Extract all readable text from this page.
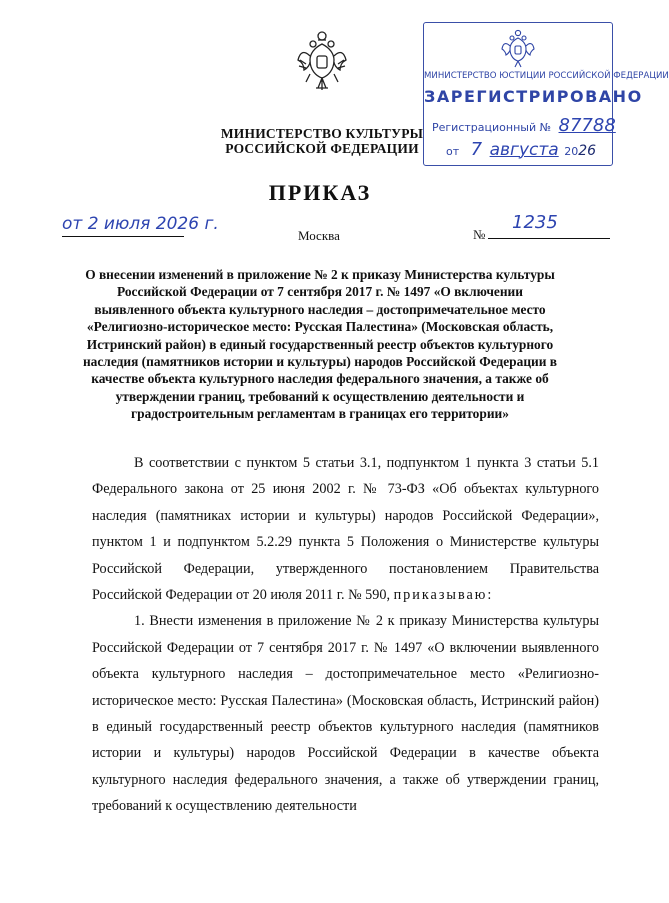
МИНИСТЕРСТВО КУЛЬТУРЫ
РОССИЙСКОЙ ФЕДЕРАЦИИ
МИНИСТЕРСТВО ЮСТИЦИИ РОССИЙСКОЙ ФЕДЕРАЦИИ
ЗАРЕГИСТРИРОВАНО
Регистрационный № 87788
от 7 августа 2026
ПРИКАЗ
от 2 июля 2026 г.
Москва	№
1235
О внесении изменений в приложение № 2 к приказу Министерства культуры Российской Федерации от 7 сентября 2017 г. № 1497 «О включении выявленного объекта культурного наследия – достопримечательное место «Религиозно-историческое место: Русская Палестина» (Московская область, Истринский район) в единый государственный реестр объектов культурного наследия (памятников истории и культуры) народов Российской Федерации в качестве объекта культурного наследия федерального значения, а также об утверждении границ, требований к осуществлению деятельности и градостроительным регламентам в границах его территории»

В соответствии с пунктом 5 статьи 3.1, подпунктом 1 пункта 3 статьи 5.1 Федерального закона от 25 июня 2002 г. № 73-ФЗ «Об объектах культурного наследия (памятниках истории и культуры) народов Российской Федерации», пунктом 1 и подпунктом 5.2.29 пункта 5 Положения о Министерстве культуры Российской Федерации, утвержденного постановлением Правительства Российской Федерации от 20 июля 2011 г. № 590, приказываю:

1. Внести изменения в приложение № 2 к приказу Министерства культуры Российской Федерации от 7 сентября 2017 г. № 1497 «О включении выявленного объекта культурного наследия – достопримечательное место «Религиозно-историческое место: Русская Палестина» (Московская область, Истринский район) в единый государственный реестр объектов культурного наследия (памятников истории и культуры) народов Российской Федерации в качестве объекта культурного наследия федерального значения, а также об утверждении границ, требований к осуществлению деятельности
